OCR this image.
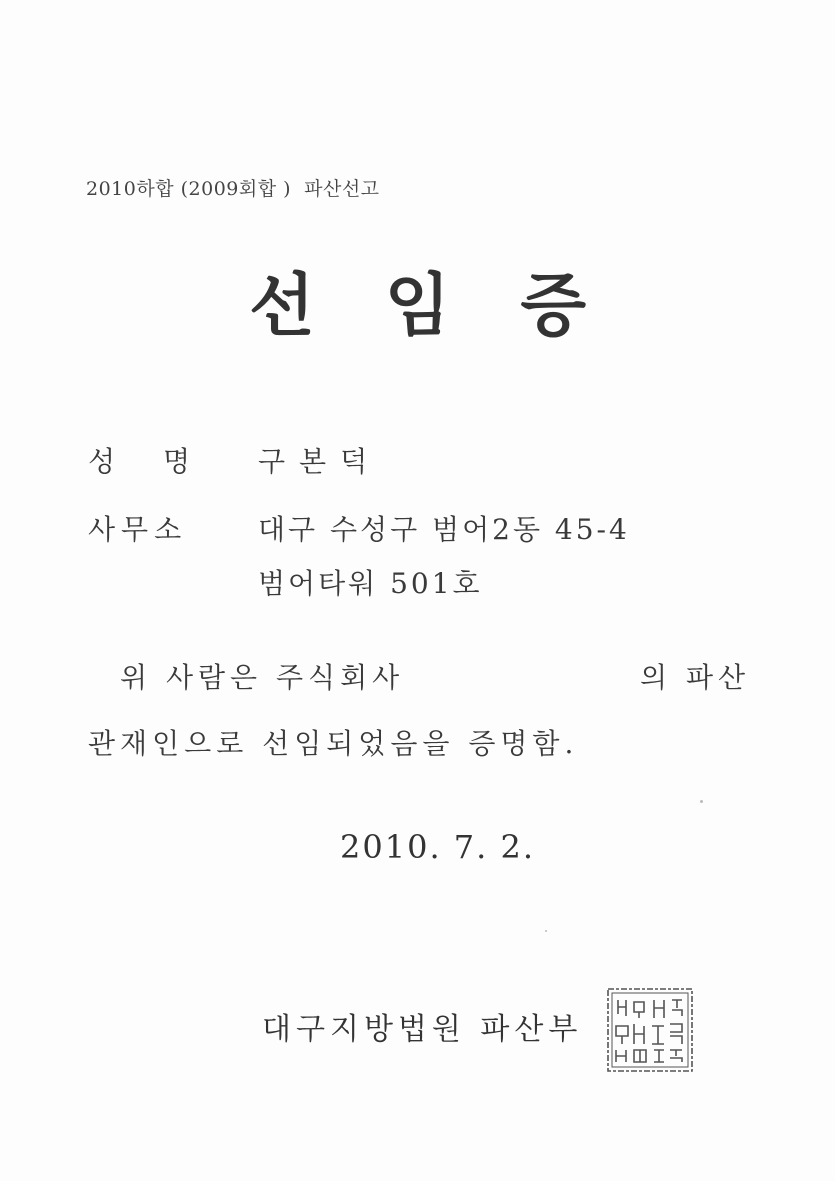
2010하합 (2009회합 )  파산선고
선임증
성명 구본덕
사무소	대구 수성구 범어2동 45-4
범어타워 501호
위 사람은 주식회사	의 파산
관재인으로 선임되었음을 증명함.
2010. 7. 2.
대구지방법원 파산부
